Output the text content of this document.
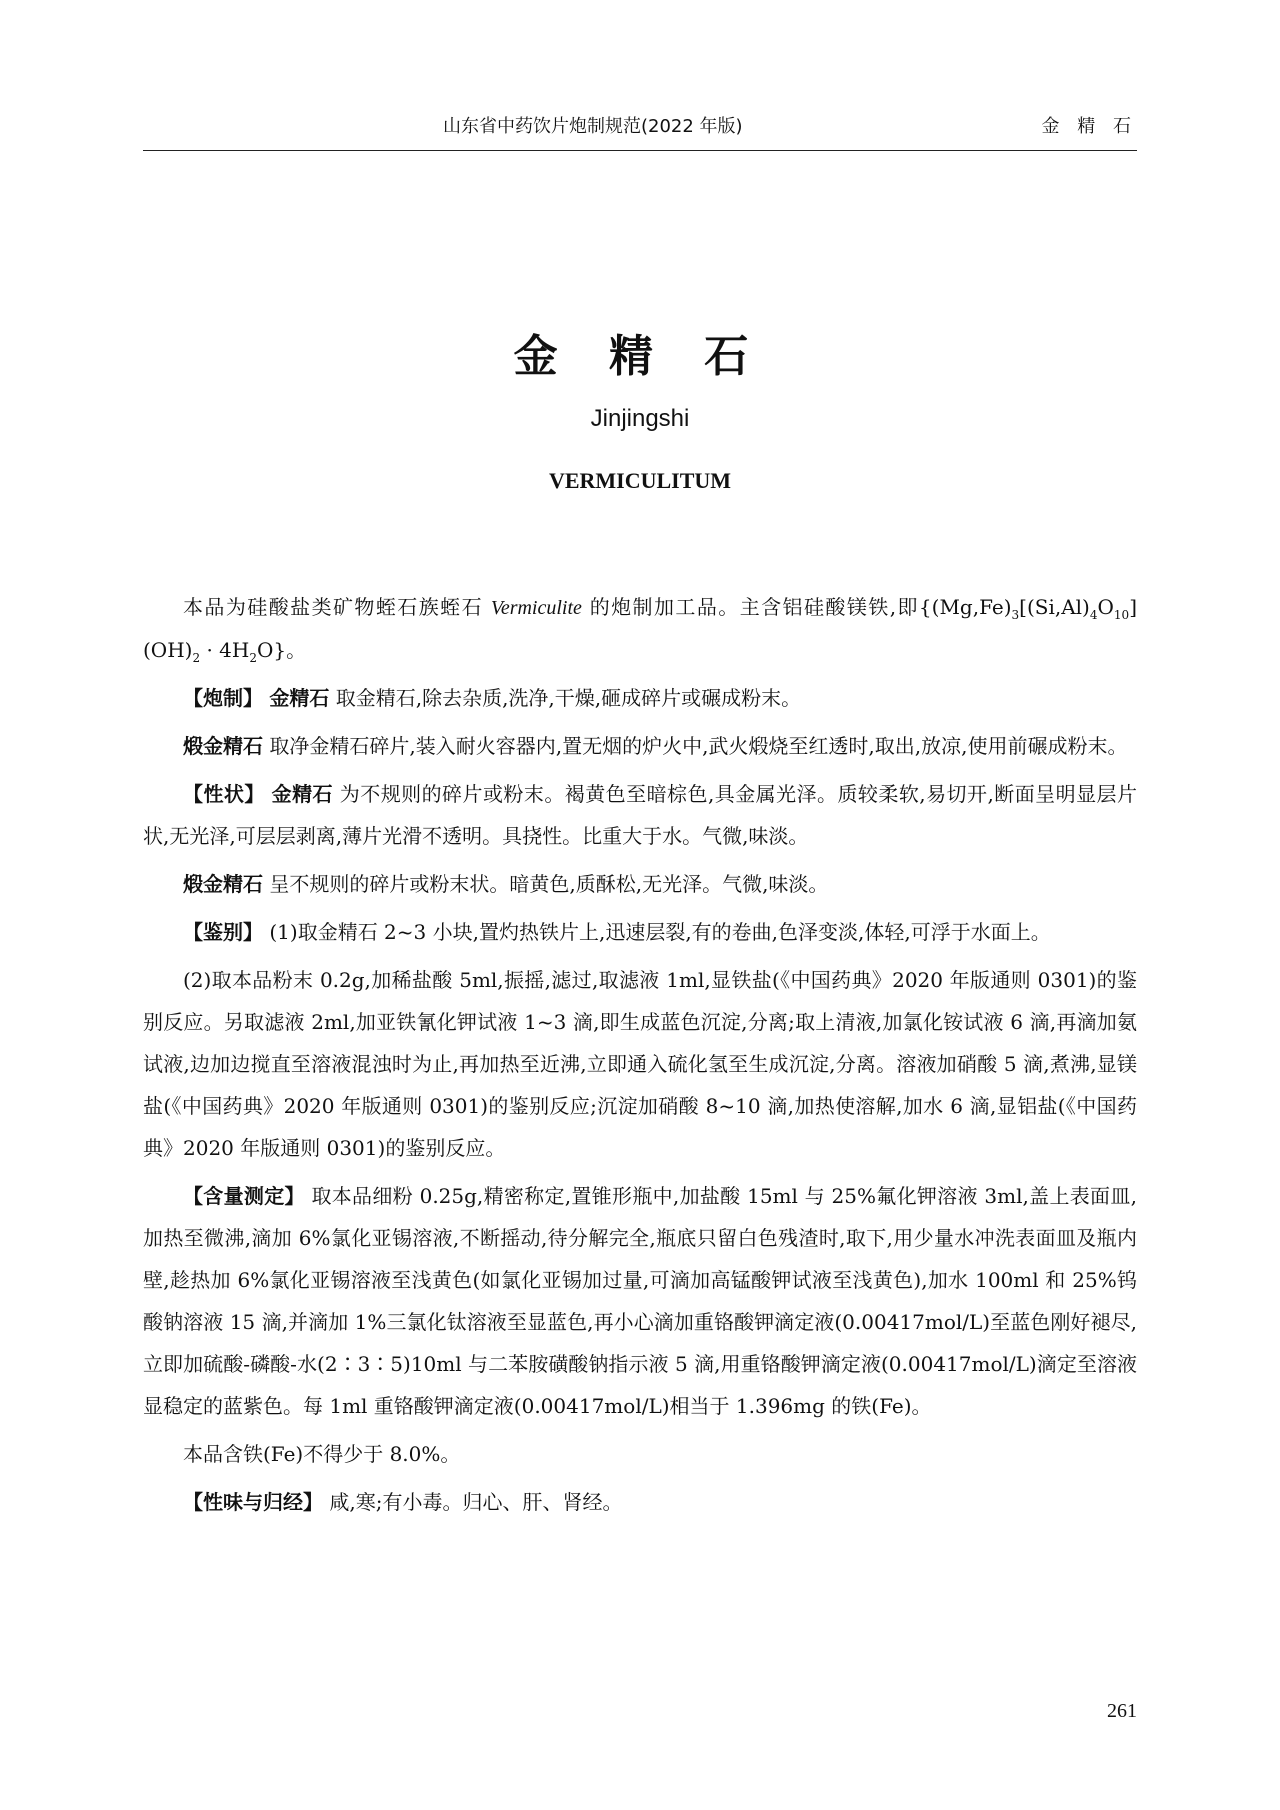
山东省中药饮片炮制规范(2022 年版)	金 精 石
金 精 石
Jinjingshi
VERMICULITUM

本品为硅酸盐类矿物蛭石族蛭石 Vermiculite 的炮制加工品。主含铝硅酸镁铁,即$\{(Mg,Fe)_3[(Si,Al)_4O_{10}](OH)_2 \cdot 4H_2O\}$。

【炮制】 金精石 取金精石,除去杂质,洗净,干燥,砸成碎片或碾成粉末。

煅金精石 取净金精石碎片,装入耐火容器内,置无烟的炉火中,武火煅烧至红透时,取出,放凉,使用前碾成粉末。

【性状】 金精石 为不规则的碎片或粉末。褐黄色至暗棕色,具金属光泽。质较柔软,易切开,断面呈明显层片状,无光泽,可层层剥离,薄片光滑不透明。具挠性。比重大于水。气微,味淡。

煅金精石 呈不规则的碎片或粉末状。暗黄色,质酥松,无光泽。气微,味淡。

【鉴别】 (1)取金精石 2~3 小块,置灼热铁片上,迅速层裂,有的卷曲,色泽变淡,体轻,可浮于水面上。

(2)取本品粉末 0.2g,加稀盐酸 5ml,振摇,滤过,取滤液 1ml,显铁盐(《中国药典》2020 年版通则 0301)的鉴别反应。另取滤液 2ml,加亚铁氰化钾试液 1~3 滴,即生成蓝色沉淀,分离;取上清液,加氯化铵试液 6 滴,再滴加氨试液,边加边搅直至溶液混浊时为止,再加热至近沸,立即通入硫化氢至生成沉淀,分离。溶液加硝酸 5 滴,煮沸,显镁盐(《中国药典》2020 年版通则 0301)的鉴别反应;沉淀加硝酸 8~10 滴,加热使溶解,加水 6 滴,显铝盐(《中国药典》2020 年版通则 0301)的鉴别反应。

【含量测定】 取本品细粉 0.25g,精密称定,置锥形瓶中,加盐酸 15ml 与 25%氟化钾溶液 3ml,盖上表面皿,加热至微沸,滴加 6%氯化亚锡溶液,不断摇动,待分解完全,瓶底只留白色残渣时,取下,用少量水冲洗表面皿及瓶内壁,趁热加 6%氯化亚锡溶液至浅黄色(如氯化亚锡加过量,可滴加高锰酸钾试液至浅黄色),加水 100ml 和 25%钨酸钠溶液 15 滴,并滴加 1%三氯化钛溶液至显蓝色,再小心滴加重铬酸钾滴定液(0.00417mol/L)至蓝色刚好褪尽,立即加硫酸-磷酸-水(2∶3∶5)10ml 与二苯胺磺酸钠指示液 5 滴,用重铬酸钾滴定液(0.00417mol/L)滴定至溶液显稳定的蓝紫色。每 1ml 重铬酸钾滴定液(0.00417mol/L)相当于 1.396mg 的铁(Fe)。

本品含铁(Fe)不得少于 8.0%。

【性味与归经】 咸,寒;有小毒。归心、肝、肾经。

261
